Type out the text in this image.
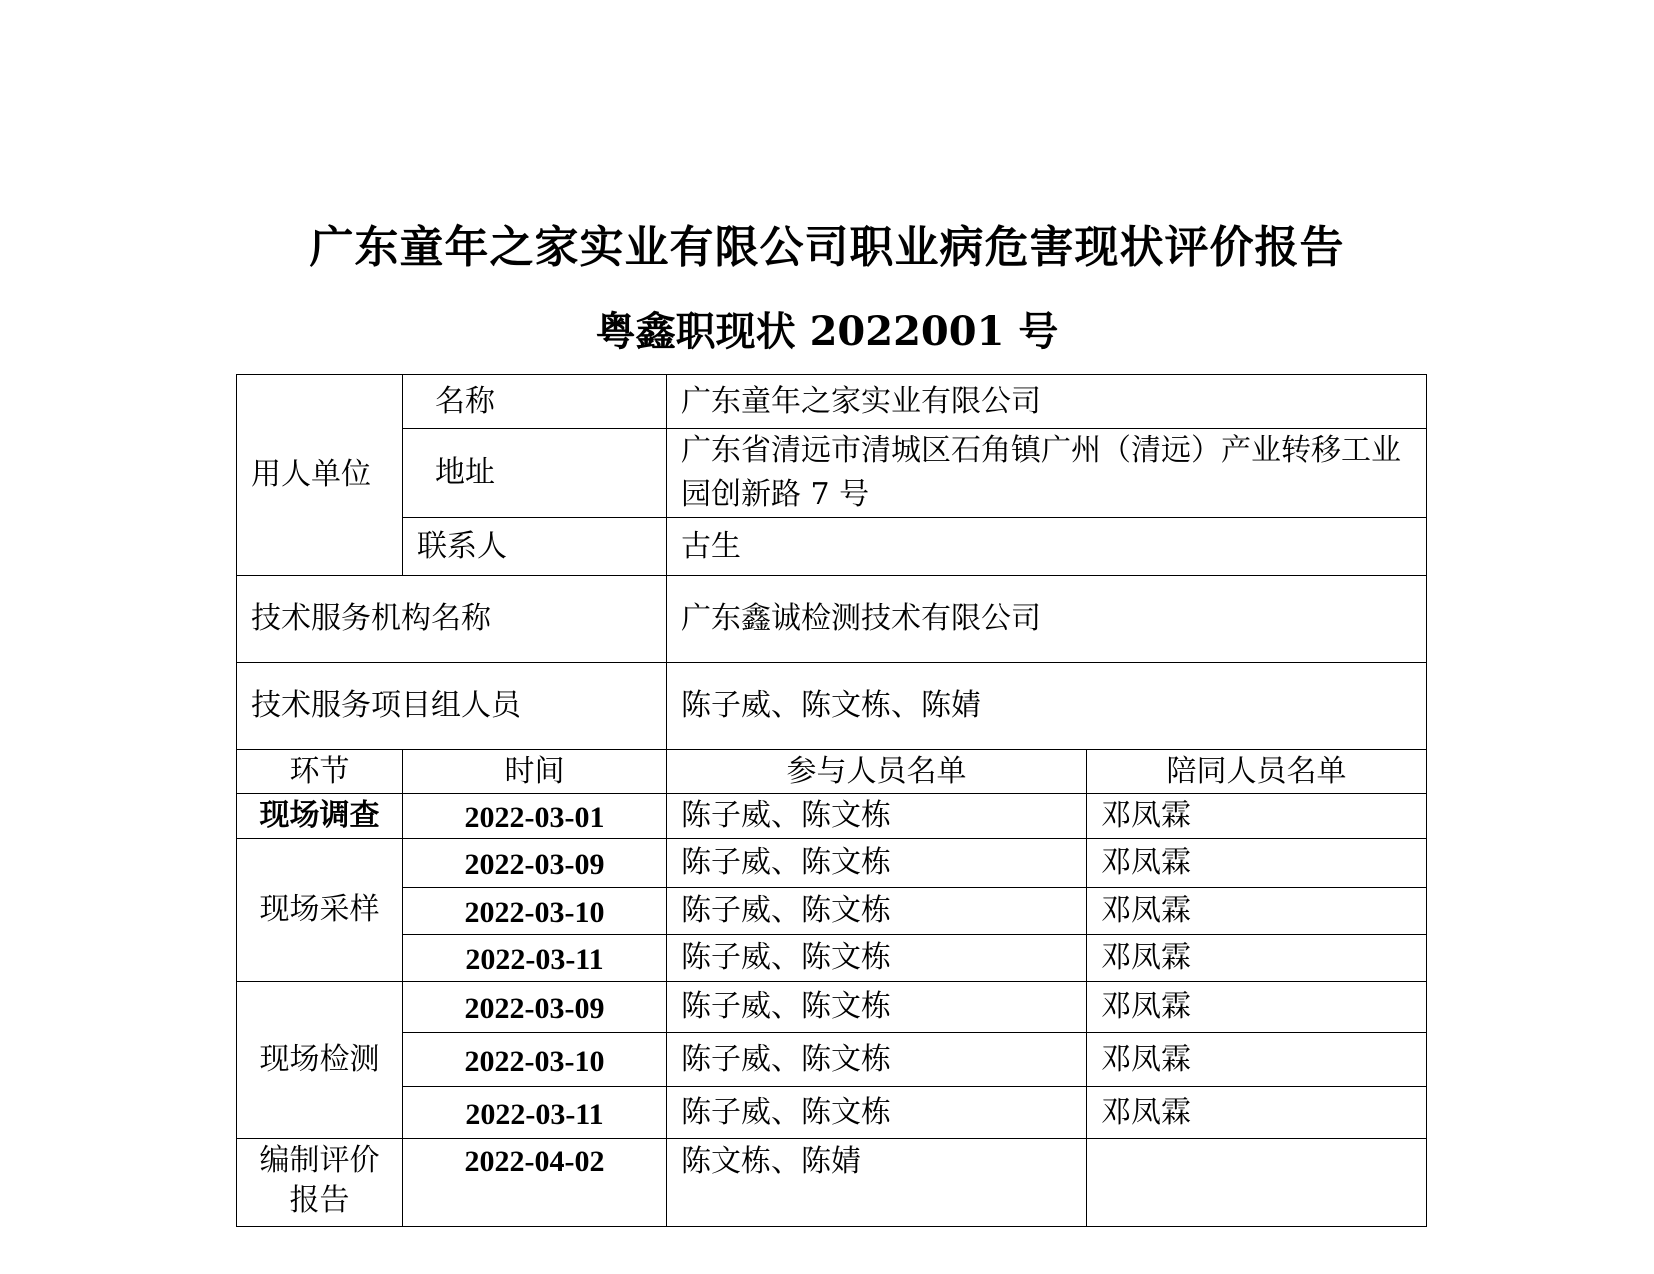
广东童年之家实业有限公司职业病危害现状评价报告
粤鑫职现状 2022001 号
用人单位	名称	广东童年之家实业有限公司	
	地址	广东省清远市清城区石角镇广州（清远）产业转移工业园创新路 7 号	
	联系人	古生	
技术服务机构名称		广东鑫诚检测技术有限公司	
技术服务项目组人员		陈子威、陈文栋、陈婧	
环节	时间	参与人员名单	陪同人员名单
现场调查	2022-03-01	陈子威、陈文栋	邓凤霖
现场采样	2022-03-09	陈子威、陈文栋	邓凤霖
	2022-03-10	陈子威、陈文栋	邓凤霖
	2022-03-11	陈子威、陈文栋	邓凤霖
现场检测	2022-03-09	陈子威、陈文栋	邓凤霖
	2022-03-10	陈子威、陈文栋	邓凤霖
	2022-03-11	陈子威、陈文栋	邓凤霖
编制评价报告	2022-04-02	陈文栋、陈婧	
